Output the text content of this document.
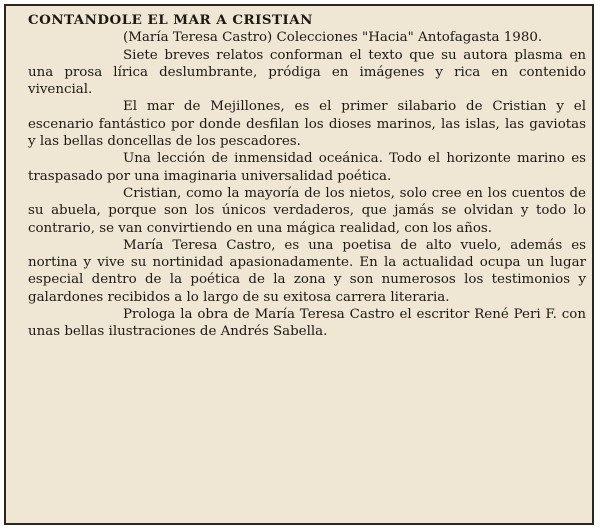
CONTANDOLE EL MAR A CRISTIAN
(María Teresa Castro) Colecciones "Hacia" Antofagasta 1980.
Siete breves relatos conforman el texto que su autora plasma en una prosa lírica deslumbrante, pródiga en imágenes y rica en contenido vivencial.
El mar de Mejillones, es el primer silabario de Cristian y el escenario fantástico por donde desfilan los dioses marinos, las islas, las gaviotas y las bellas doncellas de los pescadores.
Una lección de inmensidad oceánica. Todo el horizonte marino es traspasado por una imaginaria universalidad poética.
Cristian, como la mayoría de los nietos, solo cree en los cuentos de su abuela, porque son los únicos verdaderos, que jamás se olvidan y todo lo contrario, se van convirtiendo en una mágica realidad, con los años.
María Teresa Castro, es una poetisa de alto vuelo, además es nortina y vive su nortinidad apasionadamente. En la actualidad ocupa un lugar especial dentro de la poética de la zona y son numerosos los testimonios y galardones recibidos a lo largo de su exitosa carrera literaria.
Prologa la obra de María Teresa Castro el escritor René Peri F. con unas bellas ilustraciones de Andrés Sabella.
